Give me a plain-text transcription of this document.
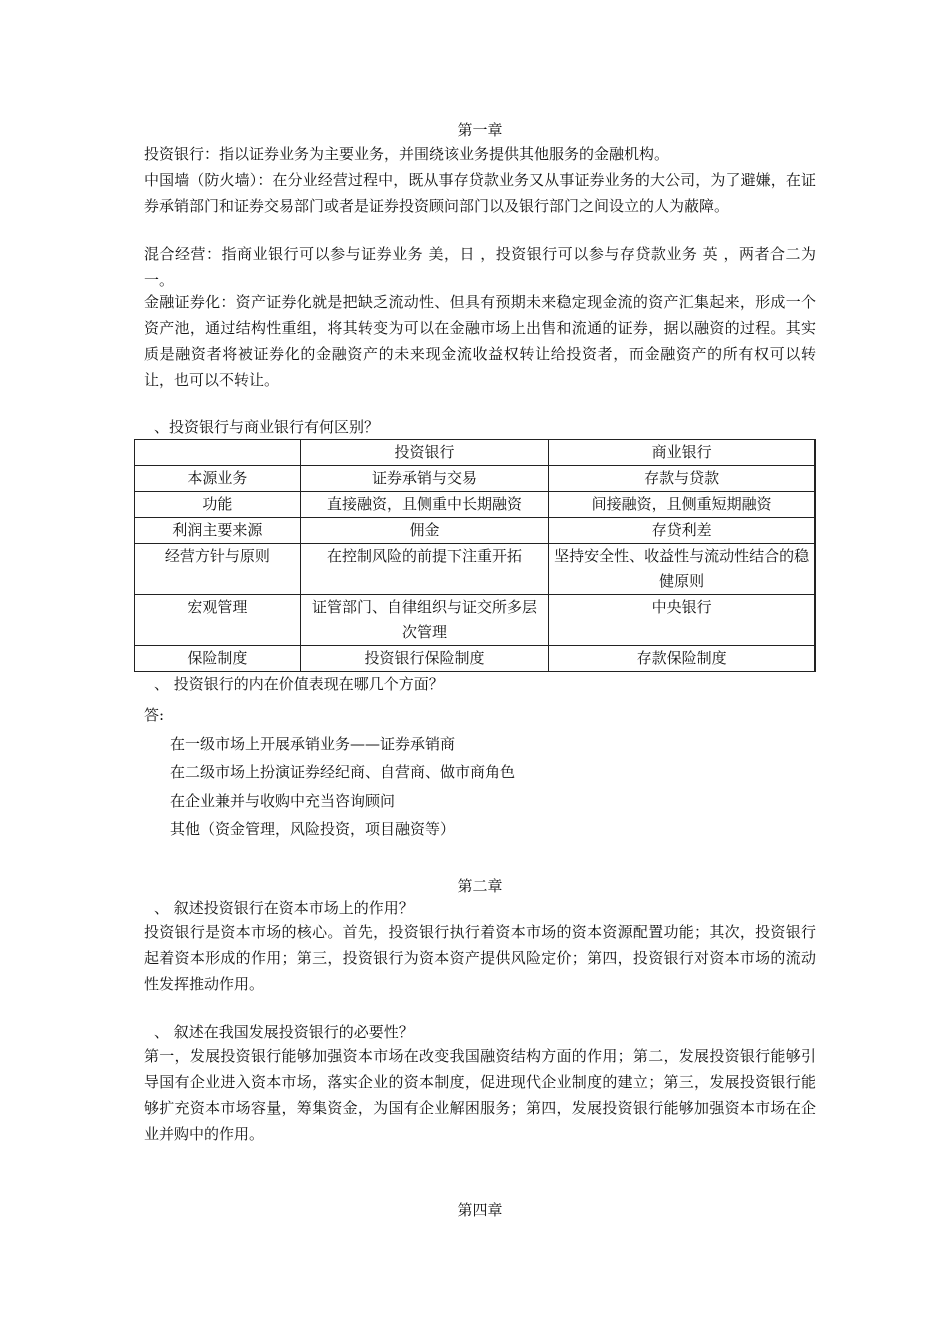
第一章

投资银行：指以证券业务为主要业务，并围绕该业务提供其他服务的金融机构。

中国墙（防火墙）：在分业经营过程中，既从事存贷款业务又从事证券业务的大公司，为了避嫌，在证券承销部门和证券交易部门或者是证券投资顾问部门以及银行部门之间设立的人为蔽障。

混合经营：指商业银行可以参与证券业务 美，日 ，投资银行可以参与存贷款业务 英 ，两者合二为一。

金融证券化：资产证券化就是把缺乏流动性、但具有预期未来稳定现金流的资产汇集起来，形成一个资产池，通过结构性重组，将其转变为可以在金融市场上出售和流通的证券，据以融资的过程。其实质是融资者将被证券化的金融资产的未来现金流收益权转让给投资者，而金融资产的所有权可以转让，也可以不转让。

、投资银行与商业银行有何区别？
	投资银行	商业银行
本源业务	证券承销与交易	存款与贷款
功能	直接融资，且侧重中长期融资	间接融资，且侧重短期融资
利润主要来源	佣金	存贷利差
经营方针与原则	在控制风险的前提下注重开拓	坚持安全性、收益性与流动性结合的稳健原则
宏观管理	证管部门、自律组织与证交所多层次管理	中央银行
保险制度	投资银行保险制度	存款保险制度
、 投资银行的内在价值表现在哪几个方面？
答:
在一级市场上开展承销业务——证券承销商
在二级市场上扮演证券经纪商、自营商、做市商角色
在企业兼并与收购中充当咨询顾问
其他（资金管理，风险投资，项目融资等）
第二章
、 叙述投资银行在资本市场上的作用？

投资银行是资本市场的核心。首先，投资银行执行着资本市场的资本资源配置功能；其次，投资银行起着资本形成的作用；第三，投资银行为资本资产提供风险定价；第四，投资银行对资本市场的流动性发挥推动作用。

、 叙述在我国发展投资银行的必要性？

第一，发展投资银行能够加强资本市场在改变我国融资结构方面的作用；第二，发展投资银行能够引导国有企业进入资本市场，落实企业的资本制度，促进现代企业制度的建立；第三，发展投资银行能够扩充资本市场容量，筹集资金，为国有企业解困服务；第四，发展投资银行能够加强资本市场在企业并购中的作用。

第四章
